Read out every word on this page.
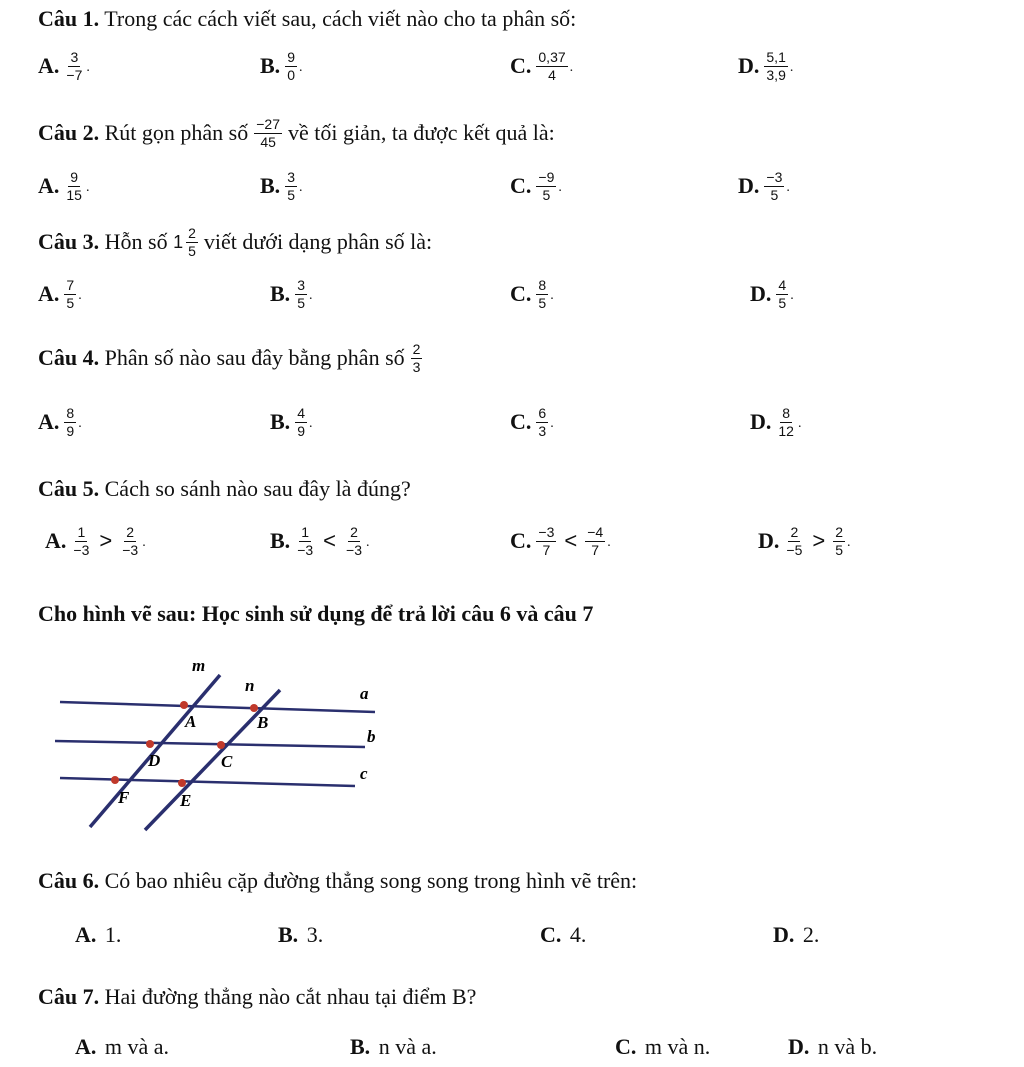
Câu 1. Trong các cách viết sau, cách viết nào cho ta phân số:
A. $\frac{3}{-7}$ .	B. $\frac{9}{0}$ .	C. $\frac{0,37}{4}$ .	D. $\frac{5,1}{3,9}$ .
Câu 2.
Rút gọn phân số $\frac{-27}{45}$ về tối giản, ta được kết quả là:
A. $\frac{9}{15}$ .	B. $\frac{3}{5}$ .	C. $\frac{-9}{5}$ .	D. $\frac{-3}{5}$ .
Câu 3.
Hỗn số
$1 \frac{2}{5}$ viết dưới dạng phân số là:
A. $\frac{7}{5}$ .	B. $\frac{3}{5}$ .	C. $\frac{8}{5}$ .	D. $\frac{4}{5}$ .
Câu 4.
Phân số nào sau đây bằng phân số $\frac{2}{3}$
A. $\frac{8}{9}$ .	B. $\frac{4}{9}$ .	C. $\frac{6}{3}$ .	D. $\frac{8}{12}$ .
Câu 5. Cách so sánh nào sau đây là đúng?
A. $\frac{1}{-3} > \frac{2}{-3}$ .	B. $\frac{1}{-3} < \frac{2}{-3}$ .	C. $\frac{-3}{7} < \frac{-4}{7}$ .	D. $\frac{2}{-5} > \frac{2}{5}$ .
Cho hình vẽ sau: Học sinh sử dụng để trả lời câu 6 và câu 7
m
n	a
A	B
b
D	C
c
F	E
Câu 6. Có bao nhiêu cặp đường thẳng song song trong hình vẽ trên:
A.
1.	B.
3.	C.
4.	D.
2.
Câu 7. Hai đường thẳng nào cắt nhau tại điểm B?
A.
m và a.	B.
n và a.	C.
m và n.	D.
n và b.
